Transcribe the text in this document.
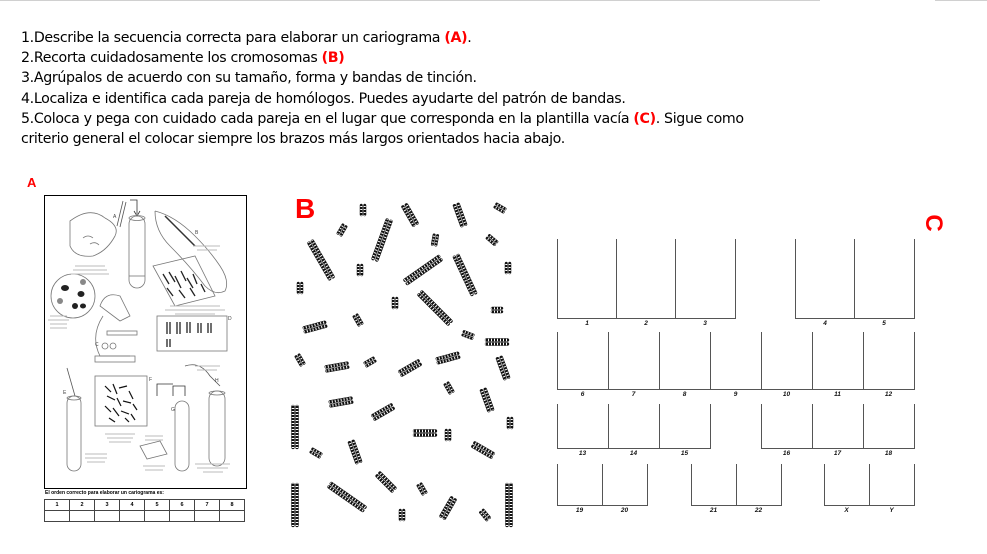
1.Describe la secuencia correcta para elaborar un cariograma (A).

2.Recorta cuidadosamente los cromosomas (B)

3.Agrúpalos de acuerdo con su tamaño, forma y bandas de tinción.

4.Localiza e identifica cada pareja de homólogos. Puedes ayudarte del patrón de bandas.

5.Coloca y pega con cuidado cada pareja en el lugar que corresponda en la plantilla vacía (C). Sigue como

criterio general el colocar siempre los brazos más largos orientados hacia abajo.

A
A
B
C
D
E
F
G
H
El orden correcto para elaborar un cariograma es:
1	2	3	4	5	6	7	8

B	C
1	2	3	4	5
6	7	8	9	10	11	12
13	14	15	16	17	18
19	20	21	22	X	Y
